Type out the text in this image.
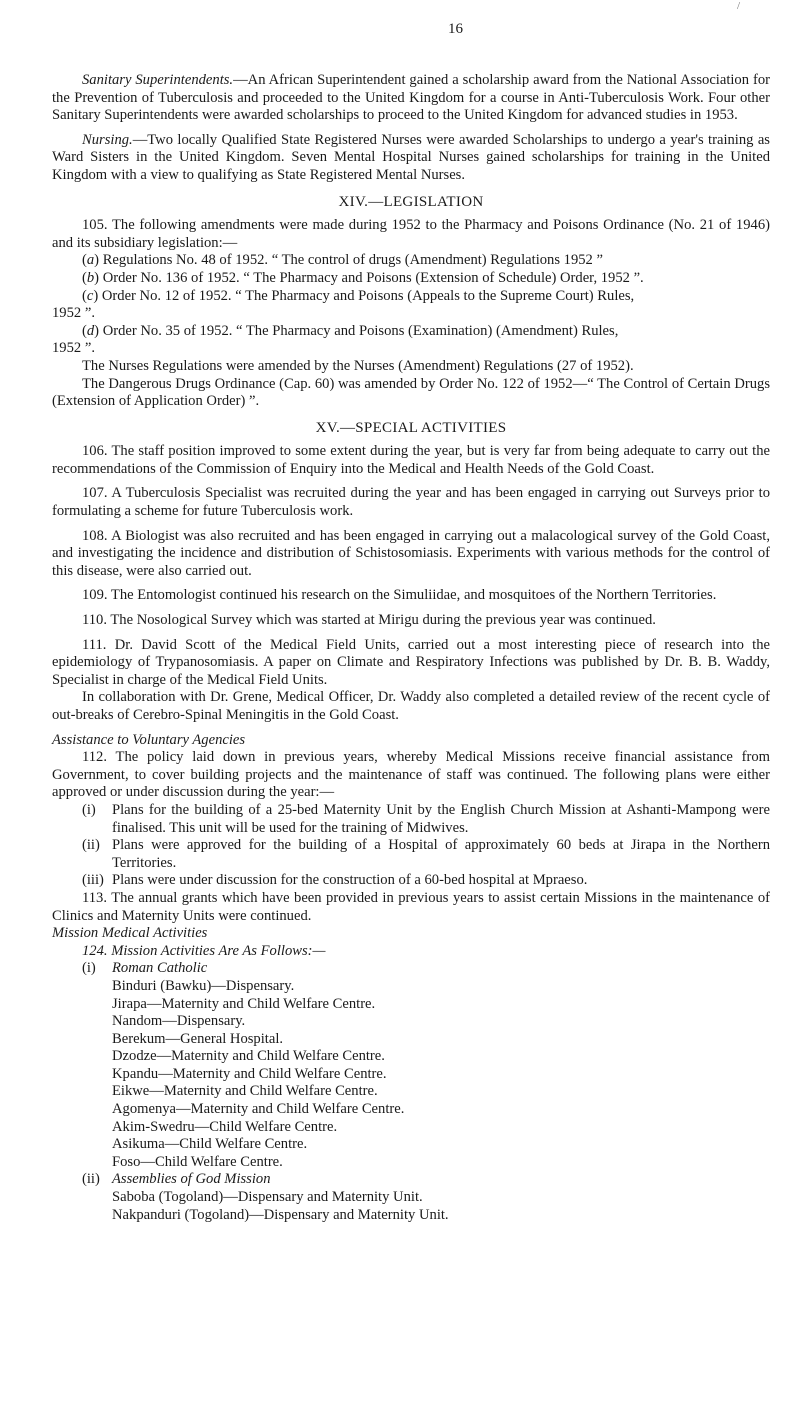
/
16

Sanitary Superintendents.—An African Superintendent gained a scholarship award from the National Association for the Prevention of Tuberculosis and proceeded to the United Kingdom for a course in Anti-Tuberculosis Work. Four other Sanitary Superintendents were awarded scholarships to proceed to the United Kingdom for advanced studies in 1953.

Nursing.—Two locally Qualified State Registered Nurses were awarded Scholarships to undergo a year's training as Ward Sisters in the United Kingdom. Seven Mental Hospital Nurses gained scholarships for training in the United Kingdom with a view to qualifying as State Registered Mental Nurses.

XIV.—LEGISLATION

105. The following amendments were made during 1952 to the Pharmacy and Poisons Ordinance (No. 21 of 1946) and its subsidiary legislation:—

(a) Regulations No. 48 of 1952. “ The control of drugs (Amendment) Regulations 1952 ”

(b) Order No. 136 of 1952. “ The Pharmacy and Poisons (Extension of Schedule) Order, 1952 ”.

(c) Order No. 12 of 1952. “ The Pharmacy and Poisons (Appeals to the Supreme Court) Rules,

1952 ”.

(d) Order No. 35 of 1952. “ The Pharmacy and Poisons (Examination) (Amendment) Rules,

1952 ”.

The Nurses Regulations were amended by the Nurses (Amendment) Regulations (27 of 1952).

The Dangerous Drugs Ordinance (Cap. 60) was amended by Order No. 122 of 1952—“ The Control of Certain Drugs (Extension of Application Order) ”.

XV.—SPECIAL ACTIVITIES

106. The staff position improved to some extent during the year, but is very far from being adequate to carry out the recommendations of the Commission of Enquiry into the Medical and Health Needs of the Gold Coast.

107. A Tuberculosis Specialist was recruited during the year and has been engaged in carrying out Surveys prior to formulating a scheme for future Tuberculosis work.

108. A Biologist was also recruited and has been engaged in carrying out a malacological survey of the Gold Coast, and investigating the incidence and distribution of Schistosomiasis. Experiments with various methods for the control of this disease, were also carried out.

109. The Entomologist continued his research on the Simuliidae, and mosquitoes of the Northern Territories.

110. The Nosological Survey which was started at Mirigu during the previous year was continued.

111. Dr. David Scott of the Medical Field Units, carried out a most interesting piece of research into the epidemiology of Trypanosomiasis. A paper on Climate and Respiratory Infections was published by Dr. B. B. Waddy, Specialist in charge of the Medical Field Units.

In collaboration with Dr. Grene, Medical Officer, Dr. Waddy also completed a detailed review of the recent cycle of out-breaks of Cerebro-Spinal Meningitis in the Gold Coast.

Assistance to Voluntary Agencies

112. The policy laid down in previous years, whereby Medical Missions receive financial assistance from Government, to cover building projects and the maintenance of staff was continued. The following plans were either approved or under discussion during the year:—

(i)	Plans for the building of a 25-bed Maternity Unit by the English Church Mission at Ashanti-Mampong were finalised. This unit will be used for the training of Midwives.
(ii) Plans were approved for the building of a Hospital of approximately 60 beds at Jirapa in the Northern Territories.
(iii) Plans were under discussion for the construction of a 60-bed hospital at Mpraeso.

113. The annual grants which have been provided in previous years to assist certain Missions in the maintenance of Clinics and Maternity Units were continued.

Mission Medical Activities

124. Mission Activities Are As Follows:—

(i)	Roman Catholic
Binduri (Bawku)—Dispensary.
Jirapa—Maternity and Child Welfare Centre.
Nandom—Dispensary.
Berekum—General Hospital.
Dzodze—Maternity and Child Welfare Centre.
Kpandu—Maternity and Child Welfare Centre.
Eikwe—Maternity and Child Welfare Centre.
Agomenya—Maternity and Child Welfare Centre.
Akim-Swedru—Child Welfare Centre.
Asikuma—Child Welfare Centre.
Foso—Child Welfare Centre.
(ii) Assemblies of God Mission
Saboba (Togoland)—Dispensary and Maternity Unit.
Nakpanduri (Togoland)—Dispensary and Maternity Unit.
